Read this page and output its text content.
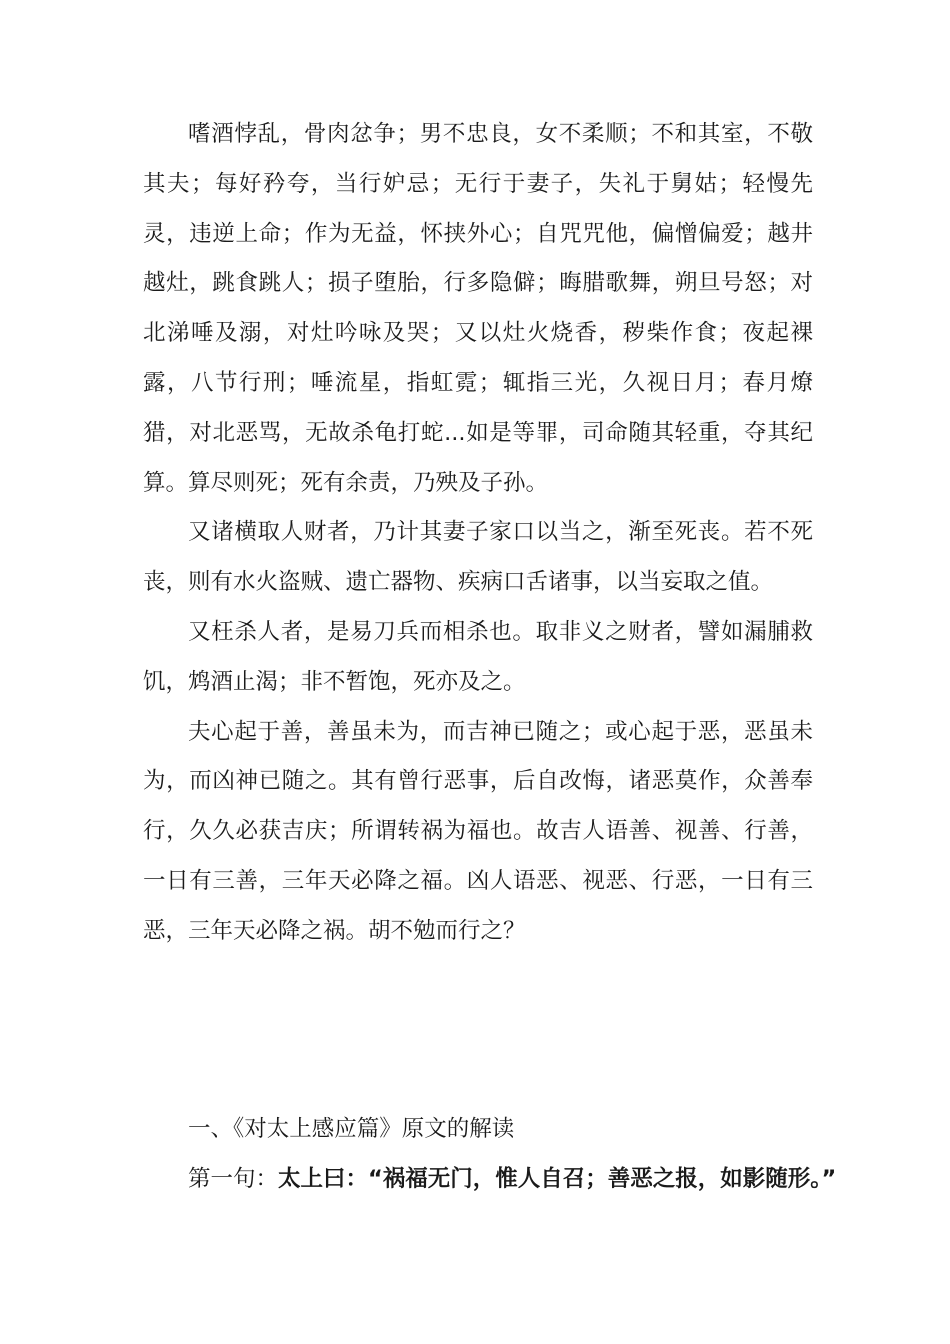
嗜酒悖乱，骨肉忿争；男不忠良，女不柔顺；不和其室，不敬其夫；每好矜夸，当行妒忌；无行于妻子，失礼于舅姑；轻慢先灵，违逆上命；作为无益，怀挟外心；自咒咒他，偏憎偏爱；越井越灶，跳食跳人；损子堕胎，行多隐僻；晦腊歌舞，朔旦号怒；对北涕唾及溺，对灶吟咏及哭；又以灶火烧香，秽柴作食；夜起裸露，八节行刑；唾流星，指虹霓；辄指三光，久视日月；春月燎猎，对北恶骂，无故杀龟打蛇...如是等罪，司命随其轻重，夺其纪算。算尽则死；死有余责，乃殃及子孙。

又诸横取人财者，乃计其妻子家口以当之，渐至死丧。若不死丧，则有水火盗贼、遗亡器物、疾病口舌诸事，以当妄取之值。

又枉杀人者，是易刀兵而相杀也。取非义之财者，譬如漏脯救饥，鸩酒止渴；非不暂饱，死亦及之。

夫心起于善，善虽未为，而吉神已随之；或心起于恶，恶虽未为，而凶神已随之。其有曾行恶事，后自改悔，诸恶莫作，众善奉行，久久必获吉庆；所谓转祸为福也。故吉人语善、视善、行善，一日有三善，三年天必降之福。凶人语恶、视恶、行恶，一日有三恶，三年天必降之祸。胡不勉而行之？

一、《对太上感应篇》原文的解读

第一句：太上曰：“祸福无门，惟人自召；善恶之报，如影随形。”
